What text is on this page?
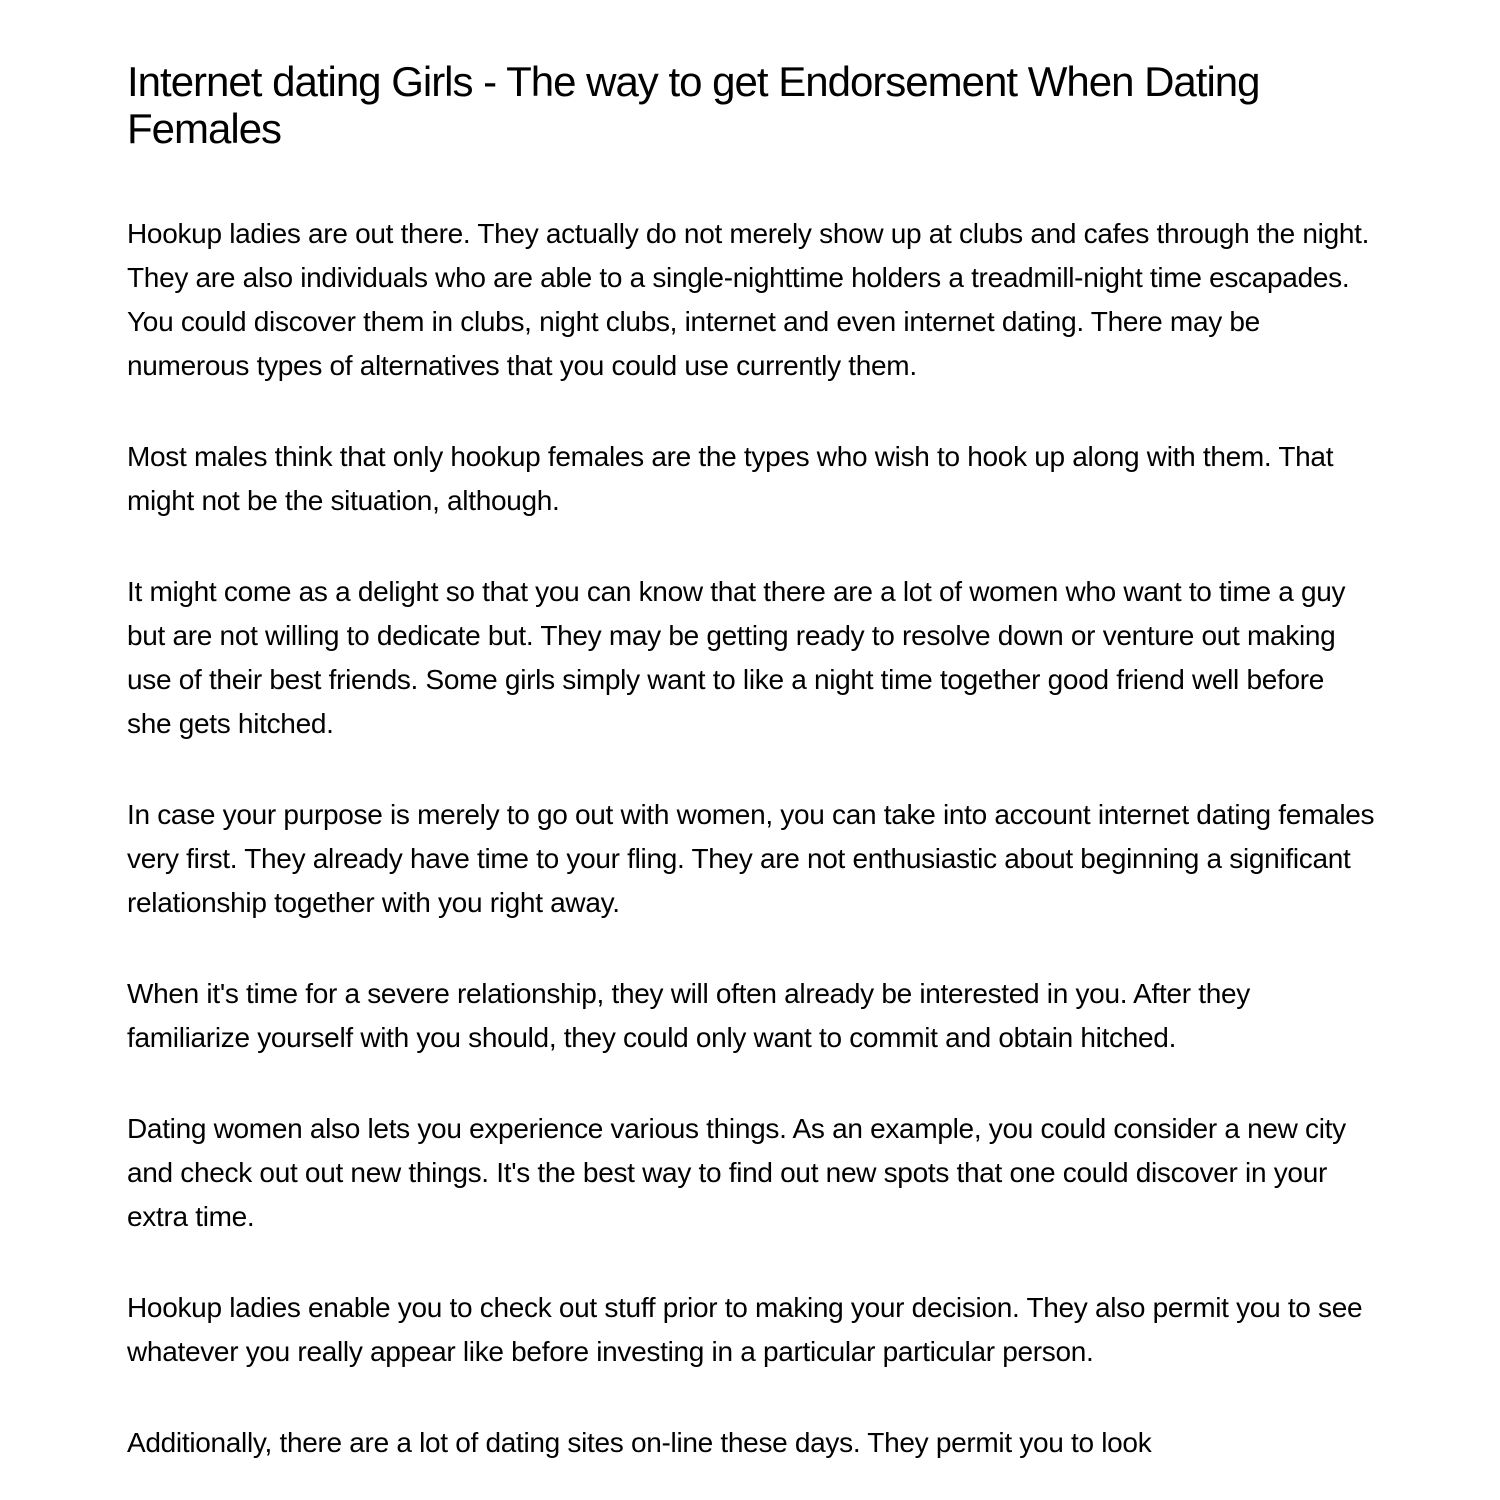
Internet dating Girls - The way to get Endorsement When Dating Females

Hookup ladies are out there. They actually do not merely show up at clubs and cafes through the night. They are also individuals who are able to a single-nighttime holders a treadmill-night time escapades. You could discover them in clubs, night clubs, internet and even internet dating. There may be numerous types of alternatives that you could use currently them.

Most males think that only hookup females are the types who wish to hook up along with them. That might not be the situation, although.

It might come as a delight so that you can know that there are a lot of women who want to time a guy but are not willing to dedicate but. They may be getting ready to resolve down or venture out making use of their best friends. Some girls simply want to like a night time together good friend well before she gets hitched.

In case your purpose is merely to go out with women, you can take into account internet dating females very first. They already have time to your fling. They are not enthusiastic about beginning a significant relationship together with you right away.

When it's time for a severe relationship, they will often already be interested in you. After they familiarize yourself with you should, they could only want to commit and obtain hitched.

Dating women also lets you experience various things. As an example, you could consider a new city and check out out new things. It's the best way to find out new spots that one could discover in your extra time.

Hookup ladies enable you to check out stuff prior to making your decision. They also permit you to see whatever you really appear like before investing in a particular particular person.

Additionally, there are a lot of dating sites on-line these days. They permit you to look
